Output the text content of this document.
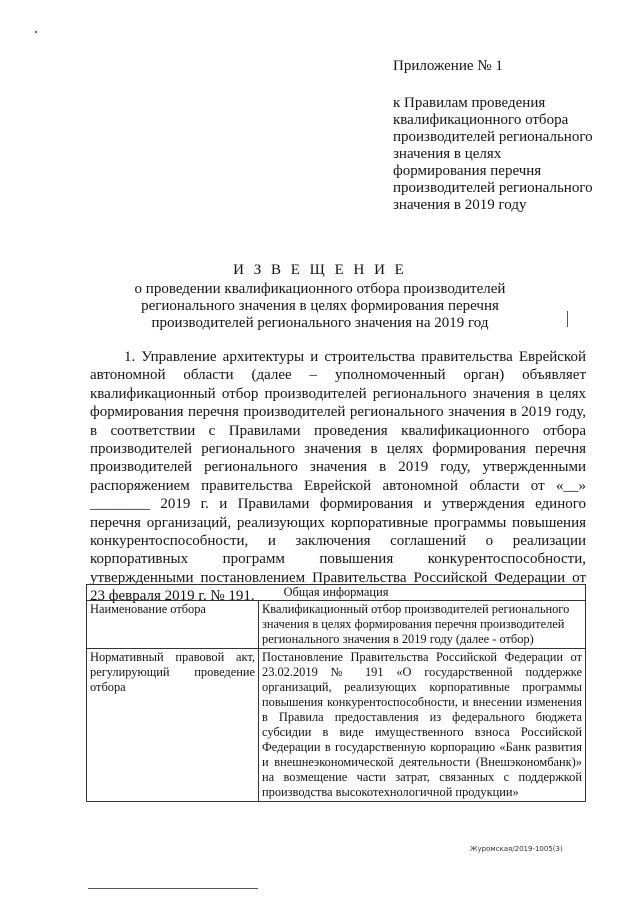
Приложение № 1
к Правилам проведения квалификационного отбора производителей регионального значения в целях формирования перечня производителей регионального значения в 2019 году
И З В Е Щ Е Н И Е
о проведении квалификационного отбора производителей регионального значения в целях формирования перечня производителей регионального значения на 2019 год
1. Управление архитектуры и строительства правительства Еврейской автономной области (далее – уполномоченный орган) объявляет квалификационный отбор производителей регионального значения в целях формирования перечня производителей регионального значения в 2019 году, в соответствии с Правилами проведения квалификационного отбора производителей регионального значения в целях формирования перечня производителей регионального значения в 2019 году, утвержденными распоряжением правительства Еврейской автономной области от «__» ________ 2019 г. и Правилами формирования и утверждения единого перечня организаций, реализующих корпоративные программы повышения конкурентоспособности, и заключения соглашений о реализации корпоративных программ повышения конкурентоспособности, утвержденными постановлением Правительства Российской Федерации от 23 февраля 2019 г. № 191.	Общая информация	
Наименование отбора	Квалификационный отбор производителей регионального значения в целях формирования перечня производителей регионального значения в 2019 году (далее - отбор)
Нормативный правовой акт, регулирующий проведение отбора	Постановление Правительства Российской Федерации от 23.02.2019 № 191 «О государственной поддержке организаций, реализующих корпоративные программы повышения конкурентоспособности, и внесении изменения в Правила предоставления из федерального бюджета субсидии в виде имущественного взноса Российской Федерации в государственную корпорацию «Банк развития и внешнеэкономической деятельности (Внешэкономбанк)» на возмещение части затрат, связанных с поддержкой производства высокотехнологичной продукции»
Журомская/2019-1005(3)
